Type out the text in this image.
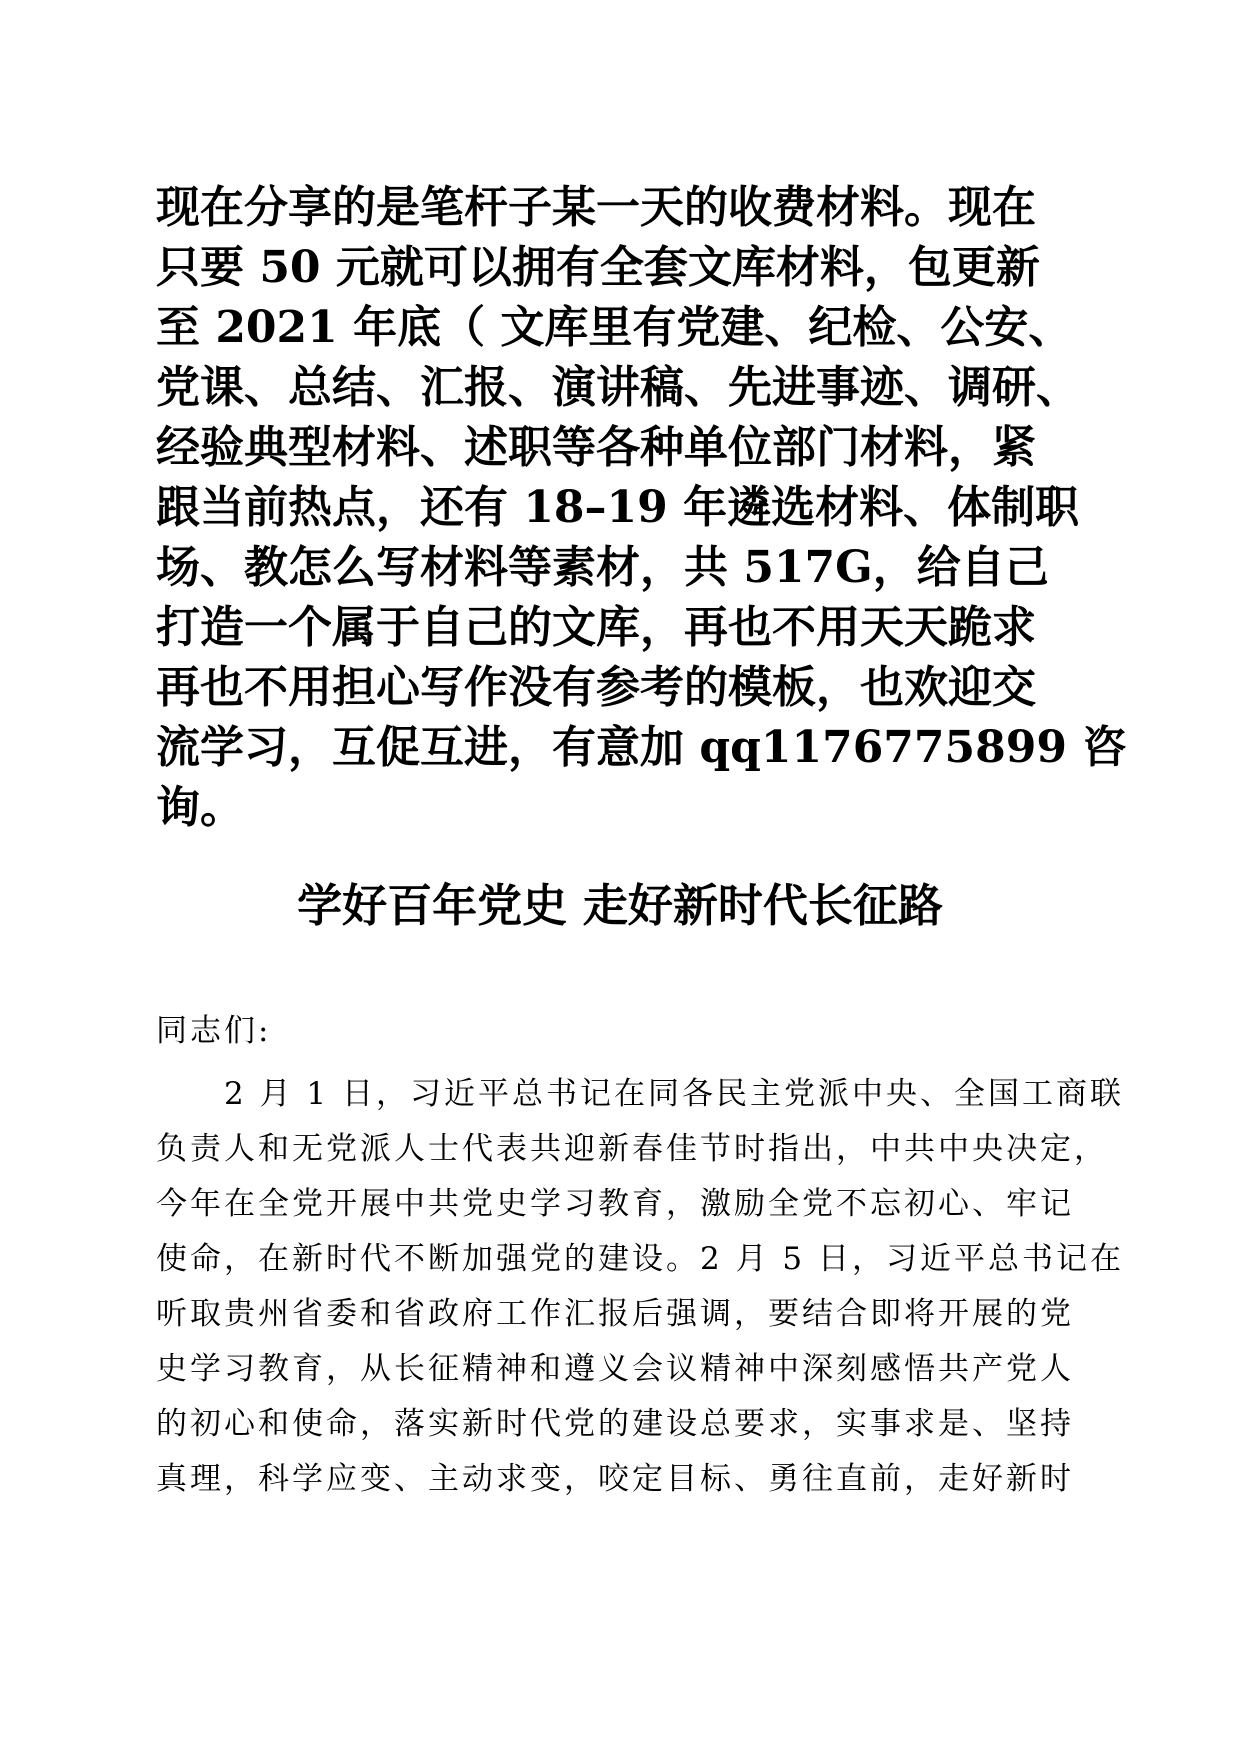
现在分享的是笔杆子某一天的收费材料。现在
只要 50 元就可以拥有全套文库材料，包更新
至 2021 年底（ 文库里有党建、纪检、公安、
党课、总结、汇报、演讲稿、先进事迹、调研、
经验典型材料、述职等各种单位部门材料，紧
跟当前热点，还有 18–19 年遴选材料、体制职
场、教怎么写材料等素材，共 517G，给自己
打造一个属于自己的文库，再也不用天天跪求
再也不用担心写作没有参考的模板，也欢迎交
流学习，互促互进，有意加 qq1176775899 咨
询。
学好百年党史 走好新时代长征路
同志们:
　　2 月 1 日，习近平总书记在同各民主党派中央、全国工商联
负责人和无党派人士代表共迎新春佳节时指出，中共中央决定，
今年在全党开展中共党史学习教育，激励全党不忘初心、牢记
使命，在新时代不断加强党的建设。2 月 5 日，习近平总书记在
听取贵州省委和省政府工作汇报后强调，要结合即将开展的党
史学习教育，从长征精神和遵义会议精神中深刻感悟共产党人
的初心和使命，落实新时代党的建设总要求，实事求是、坚持
真理，科学应变、主动求变，咬定目标、勇往直前，走好新时
